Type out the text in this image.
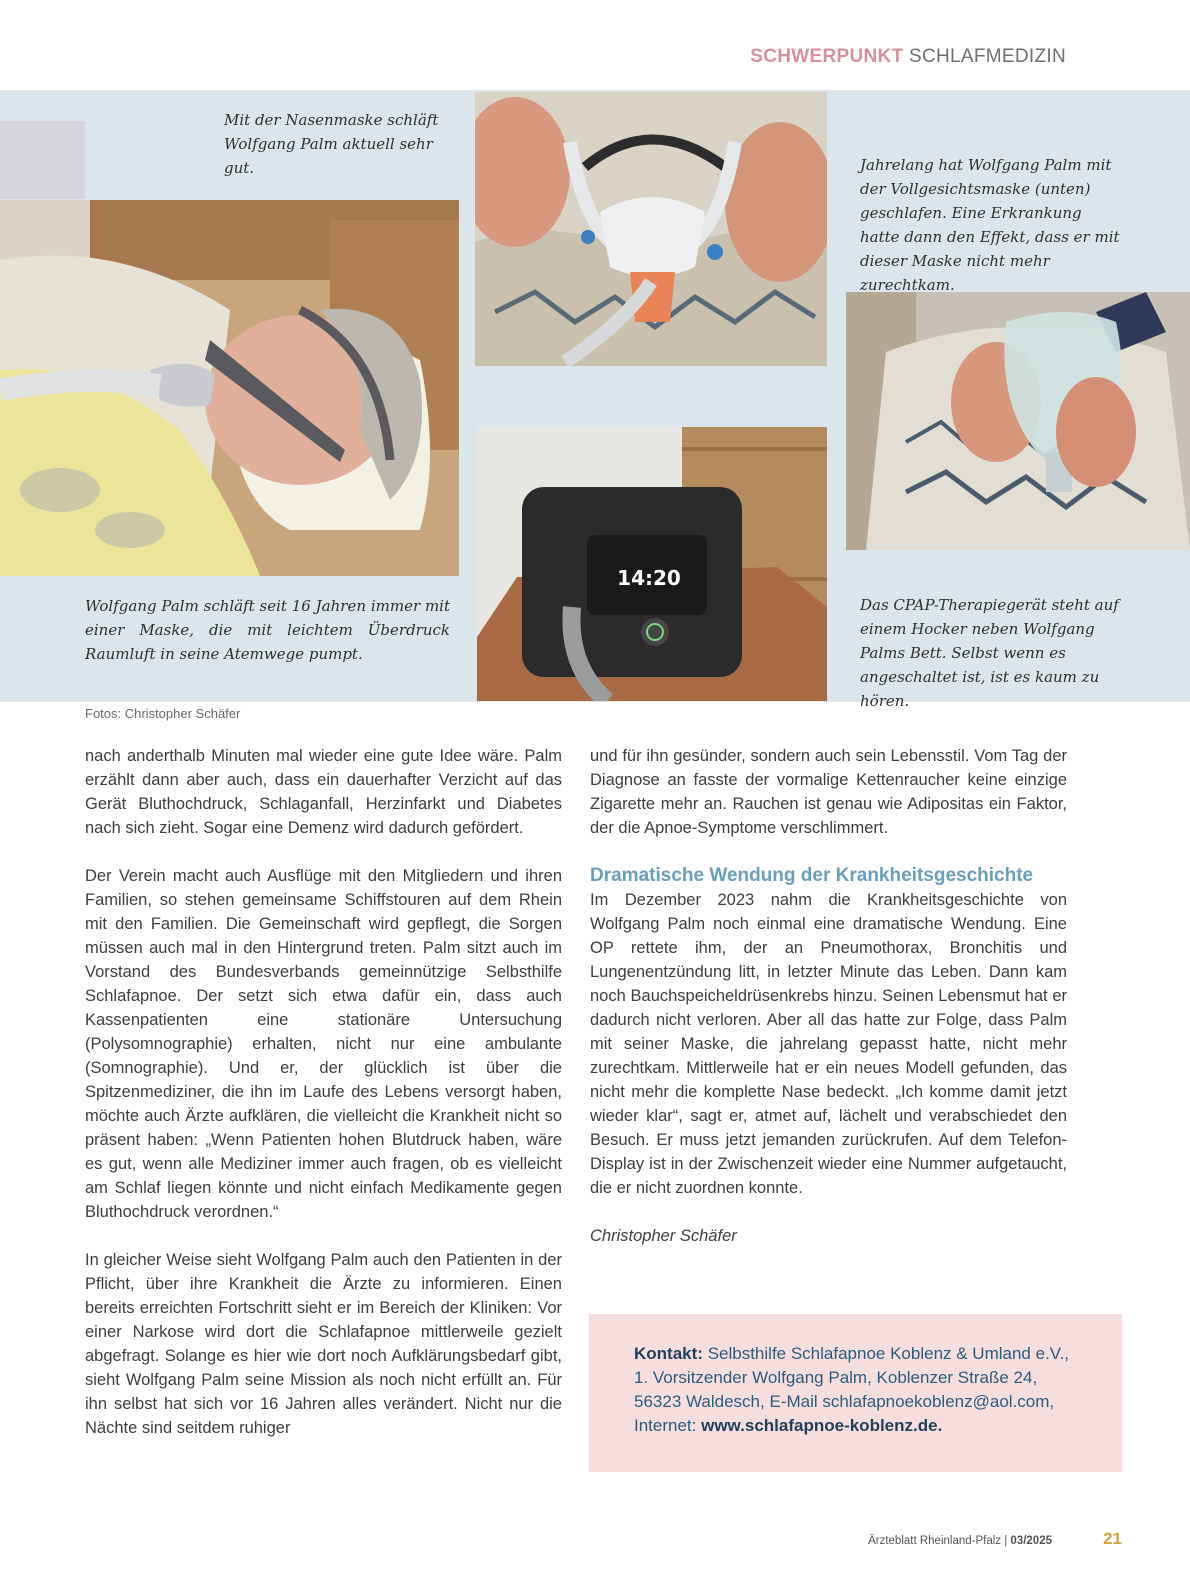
SCHWERPUNKT SCHLAFMEDIZIN
14:20
Mit der Nasenmaske schläft Wolfgang Palm aktuell sehr gut.	Jahrelang hat Wolfgang Palm mit der Vollgesichtsmaske (unten) geschlafen. Eine Erkrankung hatte dann den Effekt, dass er mit dieser Maske nicht mehr zurechtkam.
Wolfgang Palm schläft seit 16 Jahren immer mit einer Maske, die mit leichtem Überdruck Raumluft in seine Atemwege pumpt.
Das CPAP-Therapiegerät steht auf einem Hocker neben Wolfgang Palms Bett. Selbst wenn es angeschaltet ist, ist es kaum zu hören.
Fotos: Christopher Schäfer

nach anderthalb Minuten mal wieder eine gute Idee wäre. Palm erzählt dann aber auch, dass ein dauerhafter Verzicht auf das Gerät Bluthochdruck, Schlaganfall, Herzinfarkt und Diabetes nach sich zieht. Sogar eine Demenz wird dadurch gefördert.

Der Verein macht auch Ausflüge mit den Mitgliedern und ihren Familien, so stehen gemeinsame Schiffstouren auf dem Rhein mit den Familien. Die Gemeinschaft wird gepflegt, die Sorgen müssen auch mal in den Hintergrund treten. Palm sitzt auch im Vorstand des Bundesverbands gemeinnützige Selbsthilfe Schlafapnoe. Der setzt sich etwa dafür ein, dass auch Kassenpatienten eine stationäre Untersuchung (Polysomnographie) erhalten, nicht nur eine ambulante (Somnographie). Und er, der glücklich ist über die Spitzenmediziner, die ihn im Laufe des Lebens versorgt haben, möchte auch Ärzte aufklären, die vielleicht die Krankheit nicht so präsent haben: „Wenn Patienten hohen Blutdruck haben, wäre es gut, wenn alle Mediziner immer auch fragen, ob es vielleicht am Schlaf liegen könnte und nicht einfach Medikamente gegen Bluthochdruck verordnen.“

In gleicher Weise sieht Wolfgang Palm auch den Patienten in der Pflicht, über ihre Krankheit die Ärzte zu informieren. Einen bereits erreichten Fortschritt sieht er im Bereich der Kliniken: Vor einer Narkose wird dort die Schlafapnoe mittlerweile gezielt abgefragt. Solange es hier wie dort noch Aufklärungsbedarf gibt, sieht Wolfgang Palm seine Mission als noch nicht erfüllt an. Für ihn selbst hat sich vor 16 Jahren alles verändert. Nicht nur die Nächte sind seitdem ruhiger

und für ihn gesünder, sondern auch sein Lebensstil. Vom Tag der Diagnose an fasste der vormalige Kettenraucher keine einzige Zigarette mehr an. Rauchen ist genau wie Adipositas ein Faktor, der die Apnoe-Symptome verschlimmert.

Dramatische Wendung der Krankheitsgeschichte

Im Dezember 2023 nahm die Krankheitsgeschichte von Wolfgang Palm noch einmal eine dramatische Wendung. Eine OP rettete ihm, der an Pneumothorax, Bronchitis und Lungenentzündung litt, in letzter Minute das Leben. Dann kam noch Bauchspeicheldrüsenkrebs hinzu. Seinen Lebensmut hat er dadurch nicht verloren. Aber all das hatte zur Folge, dass Palm mit seiner Maske, die jahrelang gepasst hatte, nicht mehr zurechtkam. Mittlerweile hat er ein neues Modell gefunden, das nicht mehr die komplette Nase bedeckt. „Ich komme damit jetzt wieder klar“, sagt er, atmet auf, lächelt und verabschiedet den Besuch. Er muss jetzt jemanden zurückrufen. Auf dem Telefon-Display ist in der Zwischenzeit wieder eine Nummer aufgetaucht, die er nicht zuordnen konnte.

Christopher Schäfer
Kontakt: Selbsthilfe Schlafapnoe Koblenz & Umland e.V.,
1. Vorsitzender Wolfgang Palm, Koblenzer Straße 24,
56323 Waldesch, E-Mail schlafapnoekoblenz@aol.com,
Internet: www.schlafapnoe-koblenz.de.
Ärzteblatt Rheinland-Pfalz | 03/2025	21
